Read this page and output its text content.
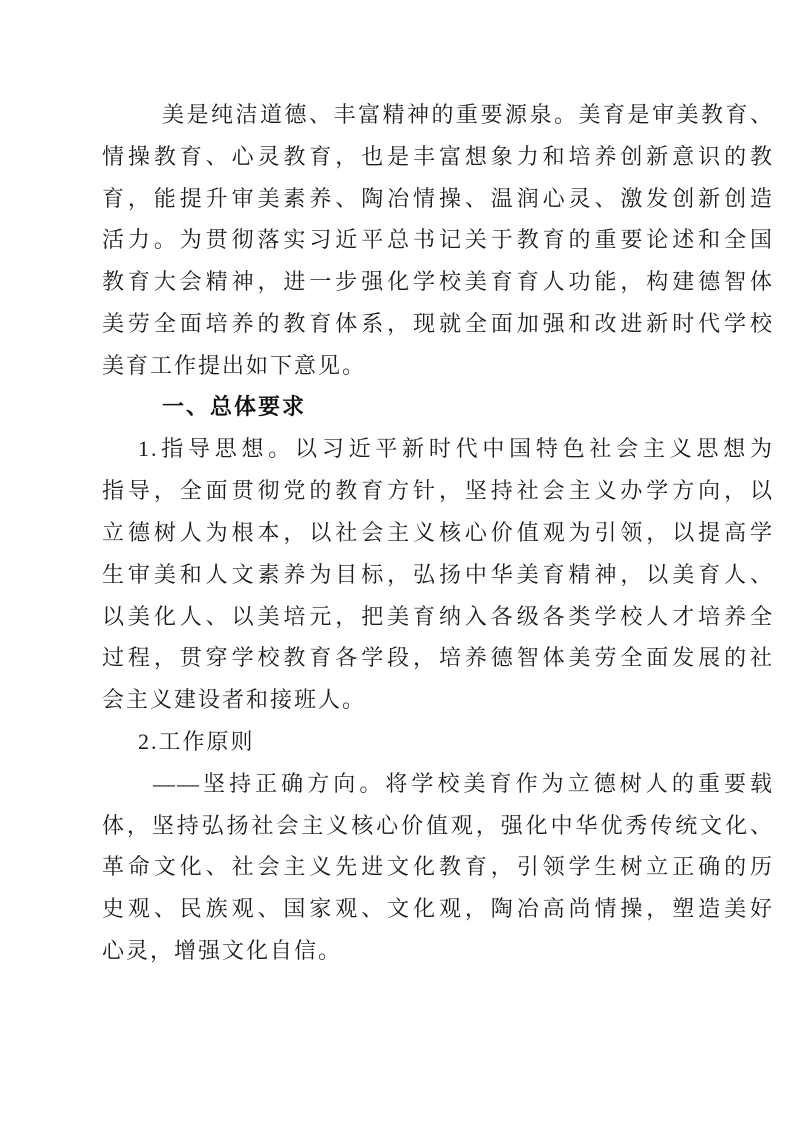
美是纯洁道德、丰富精神的重要源泉。美育是审美教育、
情操教育、心灵教育，也是丰富想象力和培养创新意识的教
育，能提升审美素养、陶冶情操、温润心灵、激发创新创造
活力。为贯彻落实习近平总书记关于教育的重要论述和全国
教育大会精神，进一步强化学校美育育人功能，构建德智体
美劳全面培养的教育体系，现就全面加强和改进新时代学校
美育工作提出如下意见。
一、总体要求
1.指导思想。以习近平新时代中国特色社会主义思想为
指导，全面贯彻党的教育方针，坚持社会主义办学方向，以
立德树人为根本，以社会主义核心价值观为引领，以提高学
生审美和人文素养为目标，弘扬中华美育精神，以美育人、
以美化人、以美培元，把美育纳入各级各类学校人才培养全
过程，贯穿学校教育各学段，培养德智体美劳全面发展的社
会主义建设者和接班人。
2.工作原则
——坚持正确方向。将学校美育作为立德树人的重要载
体，坚持弘扬社会主义核心价值观，强化中华优秀传统文化、
革命文化、社会主义先进文化教育，引领学生树立正确的历
史观、民族观、国家观、文化观，陶冶高尚情操，塑造美好
心灵，增强文化自信。
